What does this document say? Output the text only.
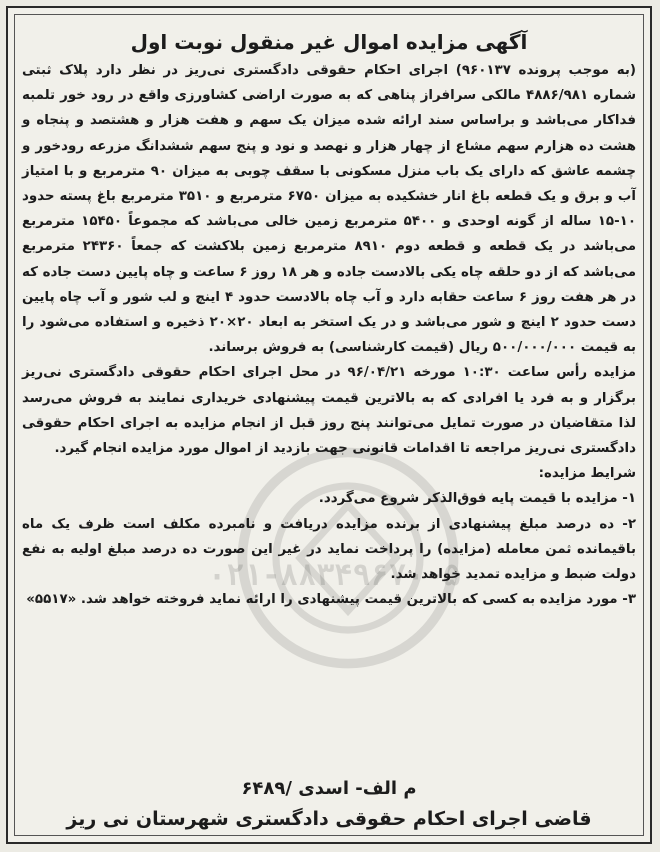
۰۲۱-۸۸۳۴۹۶۷۰-۵
آگهی مزایده اموال غیر منقول نوبت اول

(به موجب پرونده ۹۶۰۱۳۷) اجرای احکام حقوقی دادگستری نی‌ریز در نظر دارد پلاک ثبتی شماره ۴۸۸۶/۹۸۱ مالکی سرافراز پناهی که به صورت اراضی کشاورزی واقع در رود خور تلمبه فداکار می‌باشد و براساس سند ارائه شده میزان یک سهم و هفت هزار و هشتصد و پنجاه و هشت ده هزارم سهم مشاع از چهار هزار و نهصد و نود و پنج سهم ششدانگ مزرعه رودخور و چشمه عاشق که دارای یک باب منزل مسکونی با سقف چوبی به میزان ۹۰ مترمربع و با امتیاز آب و برق و یک قطعه باغ انار خشکیده به میزان ۶۷۵۰ مترمربع و ۳۵۱۰ مترمربع باغ پسته حدود ۱۰-۱۵ ساله از گونه اوحدی و ۵۴۰۰ مترمربع زمین خالی می‌باشد که مجموعاً ۱۵۴۵۰ مترمربع می‌باشد در یک قطعه و قطعه دوم ۸۹۱۰ مترمربع زمین بلاکشت که جمعاً ۲۴۳۶۰ مترمربع می‌باشد که از دو حلقه چاه یکی بالادست جاده و هر ۱۸ روز ۶ ساعت و چاه پایین دست جاده که در هر هفت روز ۶ ساعت حقابه دارد و آب چاه بالادست حدود ۴ اینچ و لب شور و آب چاه پایین دست حدود ۲ اینچ و شور می‌باشد و در یک استخر به ابعاد ۲۰×۲۰ ذخیره و استفاده می‌شود را به قیمت ۵۰۰/۰۰۰/۰۰۰ ریال (قیمت کارشناسی) به فروش برساند.

مزایده رأس ساعت ۱۰:۳۰ مورخه ۹۶/۰۴/۲۱ در محل اجرای احکام حقوقی دادگستری نی‌ریز برگزار و به فرد یا افرادی که به بالاترین قیمت پیشنهادی خریداری نمایند به فروش می‌رسد لذا متقاضیان در صورت تمایل می‌توانند پنج روز قبل از انجام مزایده به اجرای احکام حقوقی دادگستری نی‌ریز مراجعه تا اقدامات قانونی جهت بازدید از اموال مورد مزایده انجام گیرد.

شرایط مزایده:

۱- مزایده با قیمت پایه فوق‌الذکر شروع می‌گردد.

۲- ده درصد مبلغ پیشنهادی از برنده مزایده دریافت و نامبرده مکلف است ظرف یک ماه باقیمانده ثمن معامله (مزایده) را پرداخت نماید در غیر این صورت ده درصد مبلغ اولیه به نفع دولت ضبط و مزایده تمدید خواهد شد.

۳- مورد مزایده به کسی که بالاترین قیمت پیشنهادی را ارائه نماید فروخته خواهد شد. «۵۵۱۷»

۶۴۸۹/ م الف- اسدی
قاضی اجرای احکام حقوقی دادگستری شهرستان نی ریز
